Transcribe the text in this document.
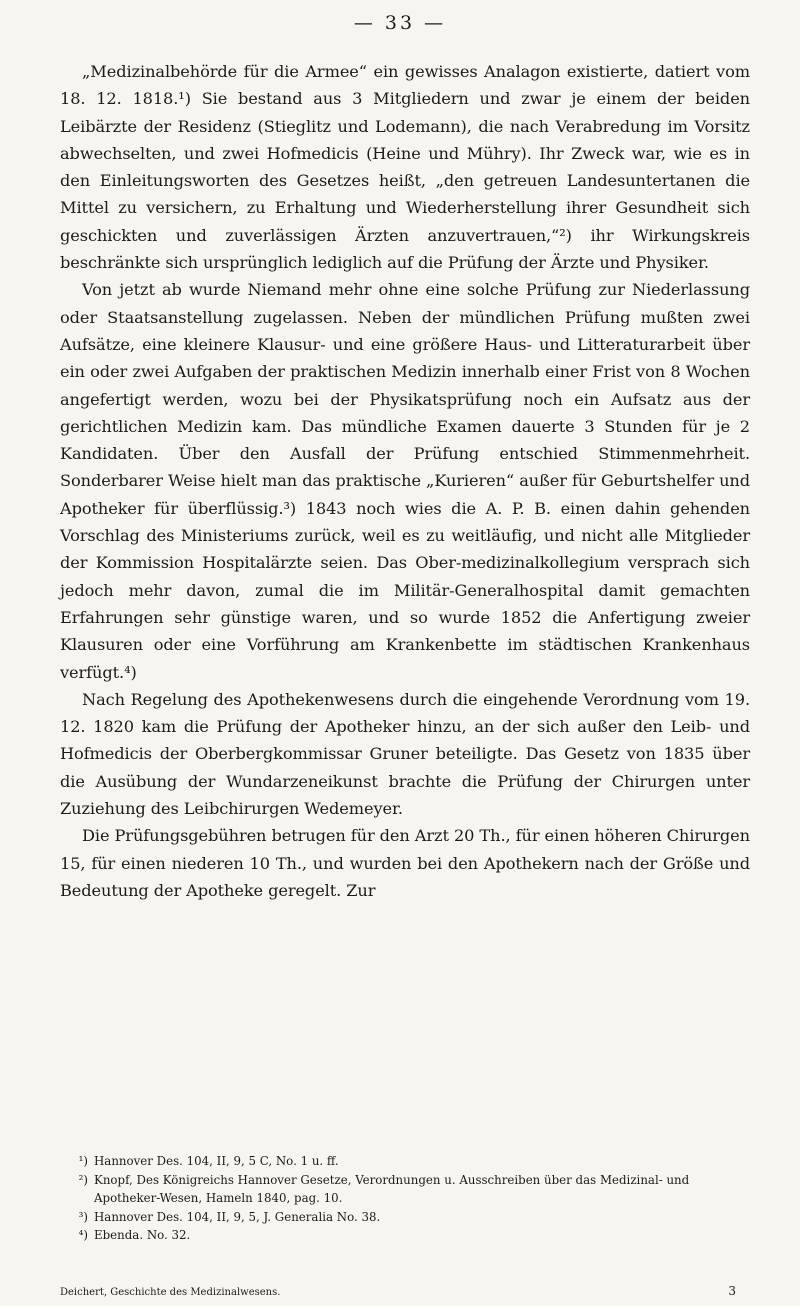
— 33 —

„Medizinalbehörde für die Armee“ ein gewisses Analagon existierte, datiert vom 18. 12. 1818.¹) Sie bestand aus 3 Mitgliedern und zwar je einem der beiden Leibärzte der Residenz (Stieglitz und Lodemann), die nach Verabredung im Vorsitz abwechselten, und zwei Hofmedicis (Heine und Mühry). Ihr Zweck war, wie es in den Einleitungsworten des Gesetzes heißt, „den getreuen Landesuntertanen die Mittel zu versichern, zu Erhaltung und Wiederherstellung ihrer Gesundheit sich geschickten und zuverlässigen Ärzten anzuvertrauen,“²) ihr Wirkungskreis beschränkte sich ursprünglich lediglich auf die Prüfung der Ärzte und Physiker.

Von jetzt ab wurde Niemand mehr ohne eine solche Prüfung zur Niederlassung oder Staatsanstellung zugelassen. Neben der mündlichen Prüfung mußten zwei Aufsätze, eine kleinere Klausur- und eine größere Haus- und Litteraturarbeit über ein oder zwei Aufgaben der praktischen Medizin innerhalb einer Frist von 8 Wochen angefertigt werden, wozu bei der Physikatsprüfung noch ein Aufsatz aus der gerichtlichen Medizin kam. Das mündliche Examen dauerte 3 Stunden für je 2 Kandidaten. Über den Ausfall der Prüfung entschied Stimmenmehrheit. Sonderbarer Weise hielt man das praktische „Kurieren“ außer für Geburtshelfer und Apotheker für überflüssig.³) 1843 noch wies die A. P. B. einen dahin gehenden Vorschlag des Ministeriums zurück, weil es zu weitläufig, und nicht alle Mitglieder der Kommission Hospitalärzte seien. Das Ober-medizinalkollegium versprach sich jedoch mehr davon, zumal die im Militär-Generalhospital damit gemachten Erfahrungen sehr günstige waren, und so wurde 1852 die Anfertigung zweier Klausuren oder eine Vorführung am Krankenbette im städtischen Krankenhaus verfügt.⁴)

Nach Regelung des Apothekenwesens durch die eingehende Verordnung vom 19. 12. 1820 kam die Prüfung der Apotheker hinzu, an der sich außer den Leib- und Hofmedicis der Oberbergkommissar Gruner beteiligte. Das Gesetz von 1835 über die Ausübung der Wundarzeneikunst brachte die Prüfung der Chirurgen unter Zuziehung des Leibchirurgen Wedemeyer.

Die Prüfungsgebühren betrugen für den Arzt 20 Th., für einen höheren Chirurgen 15, für einen niederen 10 Th., und wurden bei den Apothekern nach der Größe und Bedeutung der Apotheke geregelt. Zur

¹) Hannover Des. 104, II, 9, 5 C, No. 1 u. ff.
²) Knopf, Des Königreichs Hannover Gesetze, Verordnungen u. Ausschreiben über das Medizinal- und Apotheker-Wesen, Hameln 1840, pag. 10.
³) Hannover Des. 104, II, 9, 5, J. Generalia No. 38.
⁴) Ebenda. No. 32.
Deichert, Geschichte des Medizinalwesens.	3
